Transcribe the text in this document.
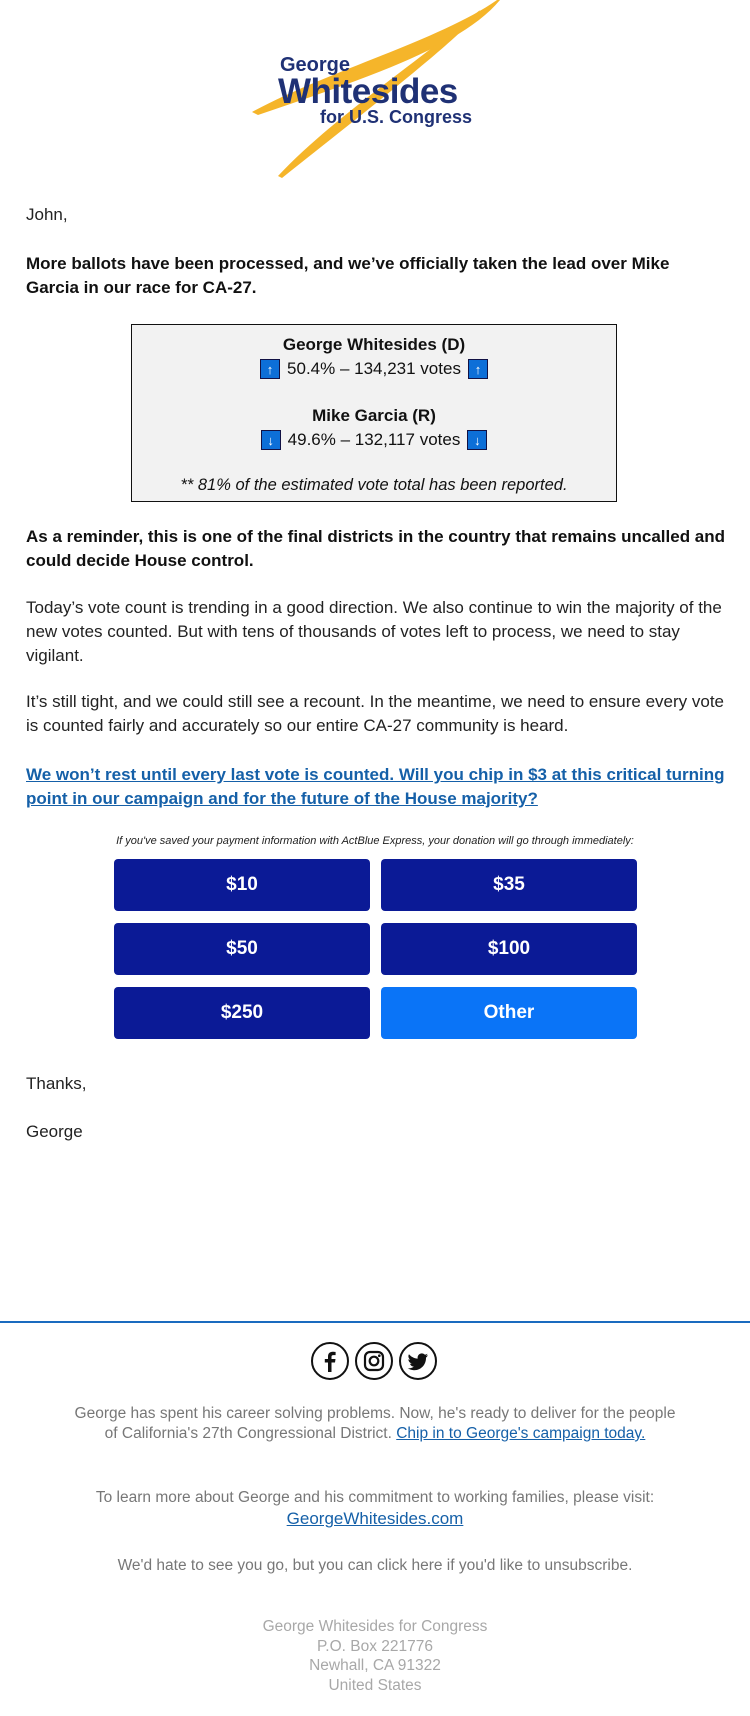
George
Whitesides
for U.S. Congress
John,
More ballots have been processed, and we’ve officially taken the lead over Mike Garcia in our race for CA-27.
George Whitesides (D)
↑ 50.4% – 134,231 votes	↑
Mike Garcia (R)
↓ 49.6% – 132,117 votes	↓
** 81% of the estimated vote total has been reported.
As a reminder, this is one of the final districts in the country that remains uncalled and could decide House control.
Today’s vote count is trending in a good direction. We also continue to win the majority of the new votes counted. But with tens of thousands of votes left to process, we need to stay vigilant.
It’s still tight, and we could still see a recount. In the meantime, we need to ensure every vote is counted fairly and accurately so our entire CA-27 community is heard.
We won’t rest until every last vote is counted. Will you chip in $3 at this critical turning point in our campaign and for the future of the House majority?
If you've saved your payment information with ActBlue Express, your donation will go through immediately:
$10	$35
$50	$100
$250	Other
Thanks,
George
George has spent his career solving problems. Now, he's ready to deliver for the people of California's 27th Congressional District. Chip in to George's campaign today.
To learn more about George and his commitment to working families, please visit:
GeorgeWhitesides.com
We'd hate to see you go, but you can click here if you'd like to unsubscribe.
George Whitesides for Congress
P.O. Box 221776
Newhall, CA 91322
United States
